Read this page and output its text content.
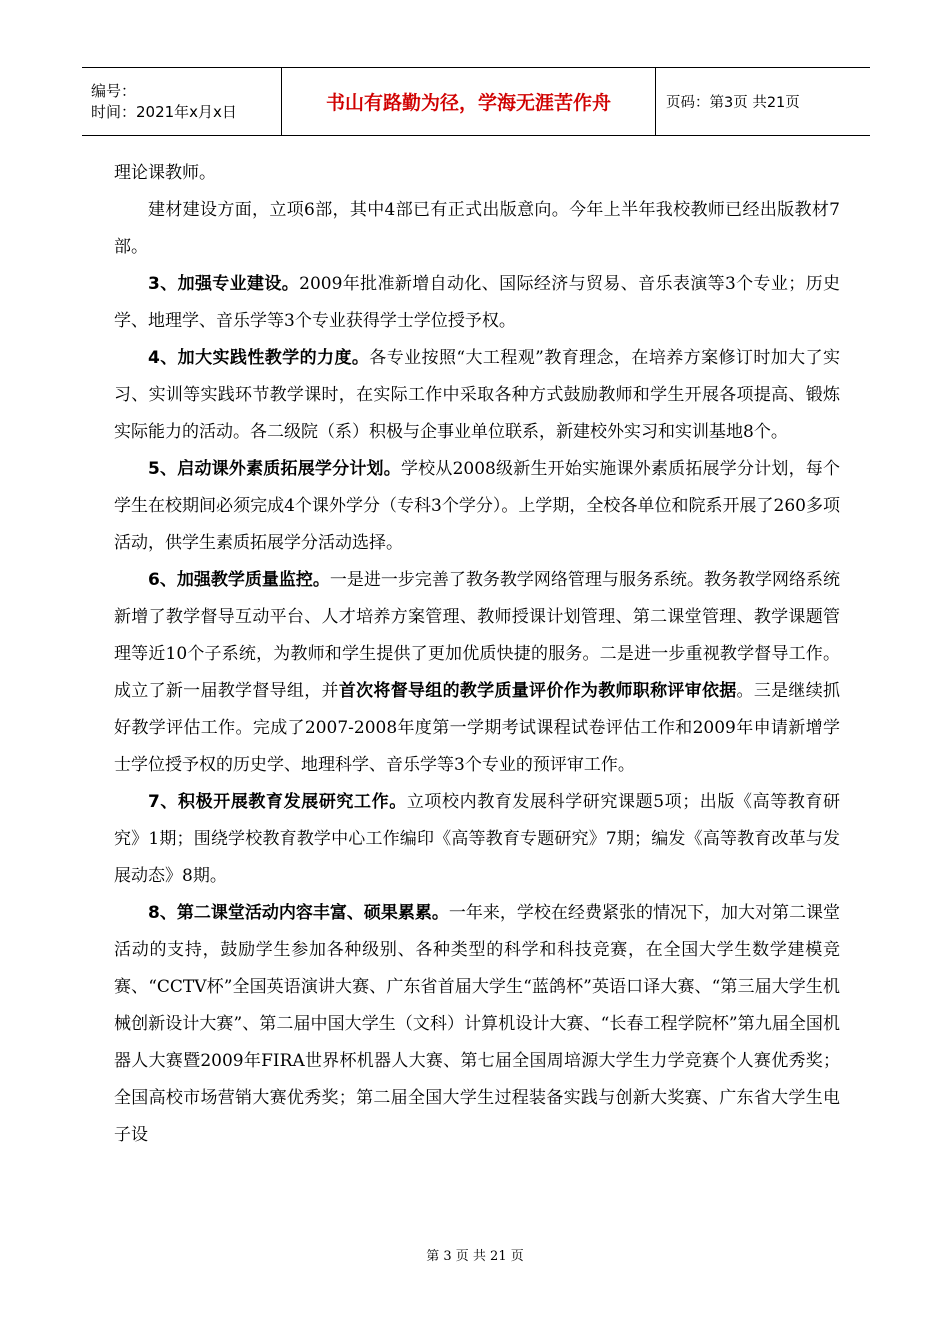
编号：
时间：2021年x月x日	书山有路勤为径，学海无涯苦作舟	页码：第3页 共21页

理论课教师。

建材建设方面，立项6部，其中4部已有正式出版意向。今年上半年我校教师已经出版教材7部。

3、加强专业建设。2009年批准新增自动化、国际经济与贸易、音乐表演等3个专业；历史学、地理学、音乐学等3个专业获得学士学位授予权。

4、加大实践性教学的力度。各专业按照“大工程观”教育理念，在培养方案修订时加大了实习、实训等实践环节教学课时，在实际工作中采取各种方式鼓励教师和学生开展各项提高、锻炼实际能力的活动。各二级院（系）积极与企事业单位联系，新建校外实习和实训基地8个。

5、启动课外素质拓展学分计划。学校从2008级新生开始实施课外素质拓展学分计划，每个学生在校期间必须完成4个课外学分（专科3个学分）。上学期，全校各单位和院系开展了260多项活动，供学生素质拓展学分活动选择。

6、加强教学质量监控。一是进一步完善了教务教学网络管理与服务系统。教务教学网络系统新增了教学督导互动平台、人才培养方案管理、教师授课计划管理、第二课堂管理、教学课题管理等近10个子系统，为教师和学生提供了更加优质快捷的服务。二是进一步重视教学督导工作。成立了新一届教学督导组，并首次将督导组的教学质量评价作为教师职称评审依据。三是继续抓好教学评估工作。完成了2007-2008年度第一学期考试课程试卷评估工作和2009年申请新增学士学位授予权的历史学、地理科学、音乐学等3个专业的预评审工作。

7、积极开展教育发展研究工作。立项校内教育发展科学研究课题5项；出版《高等教育研究》1期；围绕学校教育教学中心工作编印《高等教育专题研究》7期；编发《高等教育改革与发展动态》8期。

8、第二课堂活动内容丰富、硕果累累。一年来，学校在经费紧张的情况下，加大对第二课堂活动的支持，鼓励学生参加各种级别、各种类型的科学和科技竞赛，在全国大学生数学建模竞赛、“CCTV杯”全国英语演讲大赛、广东省首届大学生“蓝鸽杯”英语口译大赛、“第三届大学生机械创新设计大赛”、第二届中国大学生（文科）计算机设计大赛、“长春工程学院杯”第九届全国机器人大赛暨2009年FIRA世界杯机器人大赛、第七届全国周培源大学生力学竞赛个人赛优秀奖；全国高校市场营销大赛优秀奖；第二届全国大学生过程装备实践与创新大奖赛、广东省大学生电子设

第 3 页 共 21 页
